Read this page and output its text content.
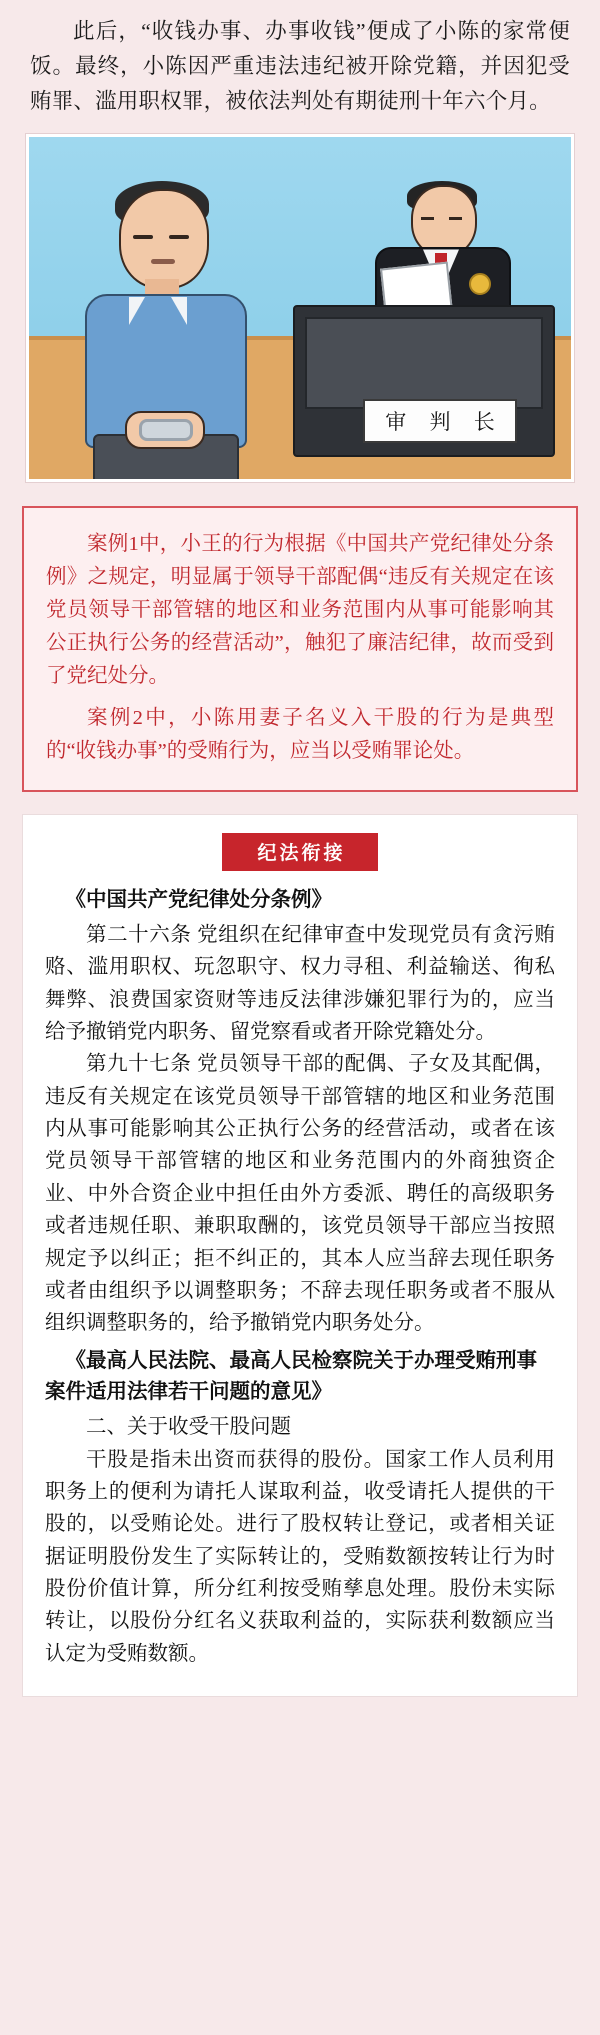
此后，“收钱办事、办事收钱”便成了小陈的家常便饭。最终，小陈因严重违法违纪被开除党籍，并因犯受贿罪、滥用职权罪，被依法判处有期徒刑十年六个月。

审 判 长

案例1中，小王的行为根据《中国共产党纪律处分条例》之规定，明显属于领导干部配偶“违反有关规定在该党员领导干部管辖的地区和业务范围内从事可能影响其公正执行公务的经营活动”，触犯了廉洁纪律，故而受到了党纪处分。

案例2中，小陈用妻子名义入干股的行为是典型的“收钱办事”的受贿行为，应当以受贿罪论处。

纪法衔接
《中国共产党纪律处分条例》

第二十六条 党组织在纪律审查中发现党员有贪污贿赂、滥用职权、玩忽职守、权力寻租、利益输送、徇私舞弊、浪费国家资财等违反法律涉嫌犯罪行为的，应当给予撤销党内职务、留党察看或者开除党籍处分。

第九十七条 党员领导干部的配偶、子女及其配偶，违反有关规定在该党员领导干部管辖的地区和业务范围内从事可能影响其公正执行公务的经营活动，或者在该党员领导干部管辖的地区和业务范围内的外商独资企业、中外合资企业中担任由外方委派、聘任的高级职务或者违规任职、兼职取酬的，该党员领导干部应当按照规定予以纠正；拒不纠正的，其本人应当辞去现任职务或者由组织予以调整职务；不辞去现任职务或者不服从组织调整职务的，给予撤销党内职务处分。

《最高人民法院、最高人民检察院关于办理受贿刑事案件适用法律若干问题的意见》

二、关于收受干股问题

干股是指未出资而获得的股份。国家工作人员利用职务上的便利为请托人谋取利益，收受请托人提供的干股的，以受贿论处。进行了股权转让登记，或者相关证据证明股份发生了实际转让的，受贿数额按转让行为时股份价值计算，所分红利按受贿孳息处理。股份未实际转让，以股份分红名义获取利益的，实际获利数额应当认定为受贿数额。
